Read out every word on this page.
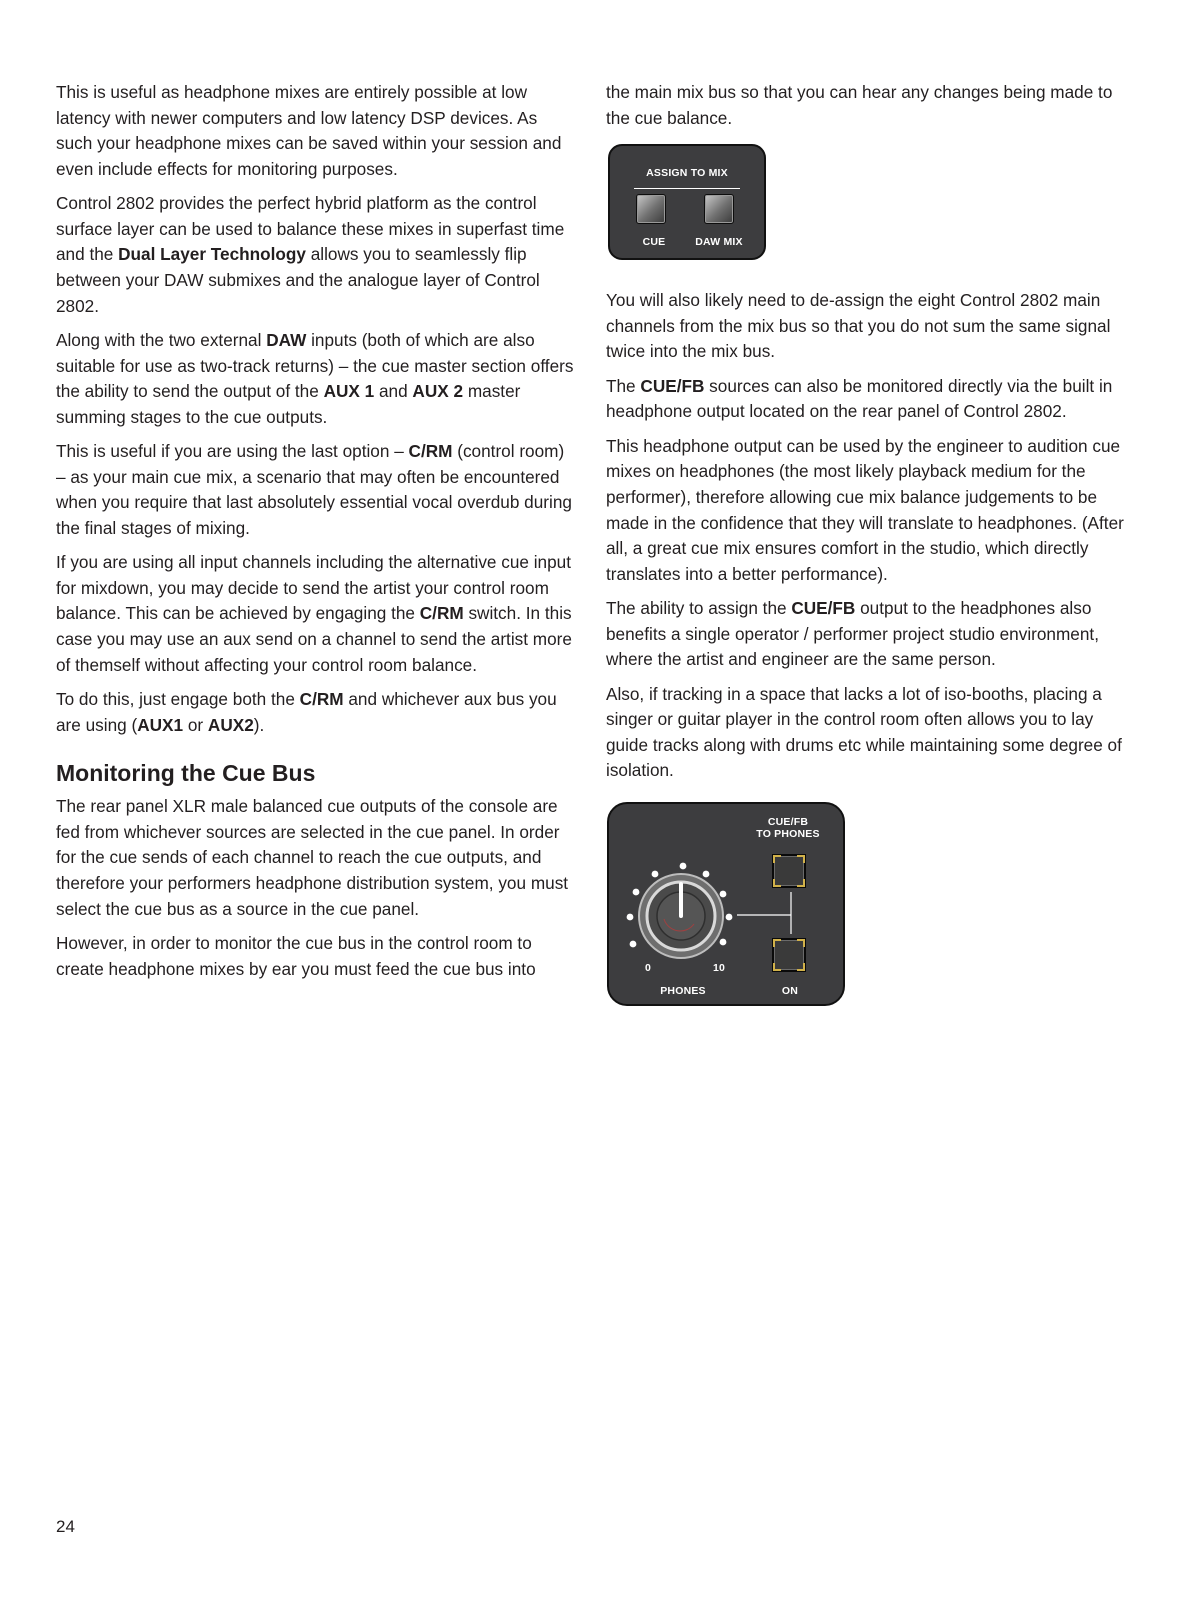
This is useful as headphone mixes are entirely possible at low latency with newer computers and low latency DSP devices. As such your headphone mixes can be saved within your session and even include effects for monitoring purposes.

Control 2802 provides the perfect hybrid platform as the control surface layer can be used to balance these mixes in superfast time and the Dual Layer Technology allows you to seamlessly flip between your DAW submixes and the analogue layer of Control 2802.

Along with the two external DAW inputs (both of which are also suitable for use as two-track returns) – the cue master section offers the ability to send the output of the AUX 1 and AUX 2 master summing stages to the cue outputs.

This is useful if you are using the last option – C/RM (control room) – as your main cue mix, a scenario that may often be encountered when you require that last absolutely essential vocal overdub during the final stages of mixing.

If you are using all input channels including the alternative cue input for mixdown, you may decide to send the artist your control room balance. This can be achieved by engaging the C/RM switch. In this case you may use an aux send on a channel to send the artist more of themself without affecting your control room balance.

To do this, just engage both the C/RM and whichever aux bus you are using (AUX1 or AUX2).

Monitoring the Cue Bus

The rear panel XLR male balanced cue outputs of the console are fed from whichever sources are selected in the cue panel. In order for the cue sends of each channel to reach the cue outputs, and therefore your performers headphone distribution system, you must select the cue bus as a source in the cue panel.

However, in order to monitor the cue bus in the control room to create headphone mixes by ear you must feed the cue bus into

the main mix bus so that you can hear any changes being made to the cue balance.

ASSIGN TO MIX
CUE	DAW MIX

You will also likely need to de-assign the eight Control 2802 main channels from the mix bus so that you do not sum the same signal twice into the mix bus.

The CUE/FB sources can also be monitored directly via the built in headphone output located on the rear panel of Control 2802.

This headphone output can be used by the engineer to audition cue mixes on headphones (the most likely playback medium for the performer), therefore allowing cue mix balance judgements to be made in the confidence that they will translate to headphones. (After all, a great cue mix ensures comfort in the studio, which directly translates into a better performance).

The ability to assign the CUE/FB output to the headphones also benefits a single operator / performer project studio environment, where the artist and engineer are the same person.

Also, if tracking in a space that lacks a lot of iso-booths, placing a singer or guitar player in the control room often allows you to lay guide tracks along with drums etc while maintaining some degree of isolation.

CUE/FB
TO PHONES
0	10
PHONES	ON
24
